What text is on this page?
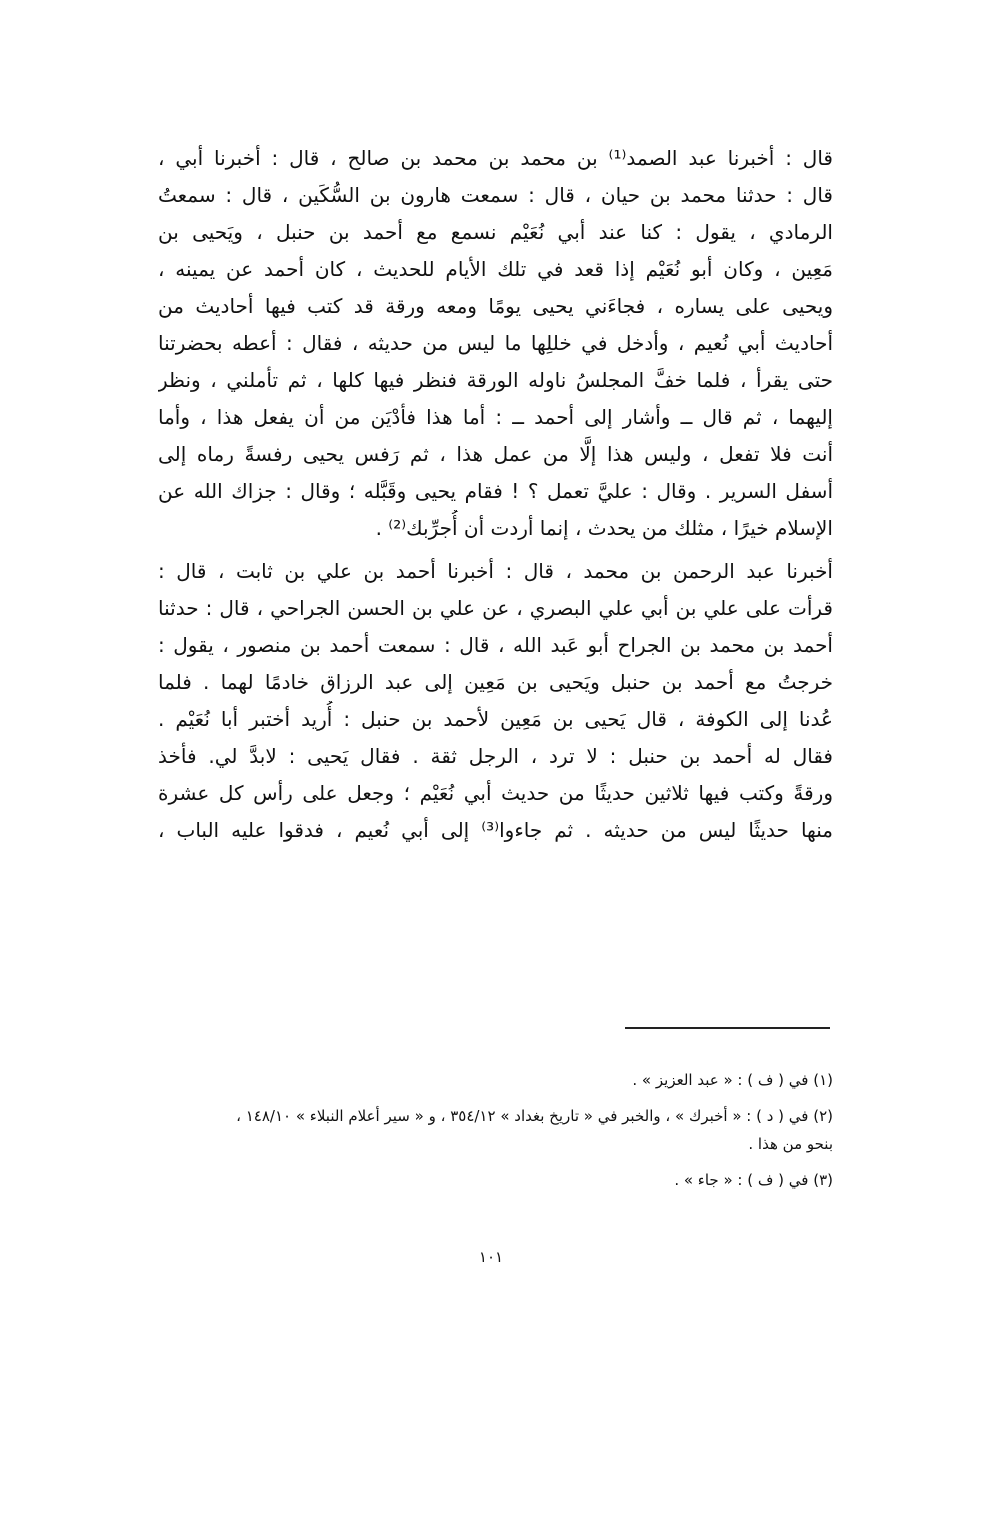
قال : أخبرنا عبد الصمد⁽¹⁾ بن محمد بن محمد بن صالح ، قال : أخبرنا أبي ،
قال : حدثنا محمد بن حيان ، قال : سمعت هارون بن السُّكَين ، قال : سمعتُ
الرمادي ، يقول : كنا عند أبي نُعَيْم نسمع مع أحمد بن حنبل ، ويَحيى بن
مَعِين ، وكان أبو نُعَيْم إذا قعد في تلك الأيام للحديث ، كان أحمد عن يمينه ،
ويحيى على يساره ، فجاءَني يحيى يومًا ومعه ورقة قد كتب فيها أحاديث من
أحاديث أبي نُعيم ، وأدخل في خللِها ما ليس من حديثه ، فقال : أعطه بحضرتنا
حتى يقرأ ، فلما خفَّ المجلسُ ناوله الورقة فنظر فيها كلها ، ثم تأملني ، ونظر
إليهما ، ثم قال ــ وأشار إلى أحمد ــ : أما هذا فأدْيَن من أن يفعل هذا ، وأما
أنت فلا تفعل ، وليس هذا إلَّا من عمل هذا ، ثم رَفس يحيى رفسةً رماه إلى
أسفل السرير . وقال : عليَّ تعمل ؟ ! فقام يحيى وقَبَّله ؛ وقال : جزاك الله عن
الإسلام خيرًا ، مثلك من يحدث ، إنما أردت أن أُجرِّبك⁽²⁾ .
أخبرنا عبد الرحمن بن محمد ، قال : أخبرنا أحمد بن علي بن ثابت ، قال :
قرأت على علي بن أبي علي البصري ، عن علي بن الحسن الجراحي ، قال : حدثنا
أحمد بن محمد بن الجراح أبو عَبد الله ، قال : سمعت أحمد بن منصور ، يقول :
خرجتُ مع أحمد بن حنبل ويَحيى بن مَعِين إلى عبد الرزاق خادمًا لهما . فلما
عُدنا إلى الكوفة ، قال يَحيى بن مَعِين لأحمد بن حنبل : أُريد أختبر أبا نُعَيْم .
فقال له أحمد بن حنبل : لا ترد ، الرجل ثقة . فقال يَحيى : لابدَّ لي. فأخذ
ورقةً وكتب فيها ثلاثين حديثًا من حديث أبي نُعَيْم ؛ وجعل على رأس كل عشرة
منها حديثًا ليس من حديثه . ثم جاءوا⁽³⁾ إلى أبي نُعيم ، فدقوا عليه الباب ،

(١) في ( ف ) : « عبد العزيز » .

(٢) في ( د ) : « أخبرك » ، والخبر في « تاريخ بغداد » ٣٥٤/١٢ ، و « سير أعلام النبلاء » ١٤٨/١٠ ،
بنحو من هذا .

(٣) في ( ف ) : « جاء » .

١٠١
